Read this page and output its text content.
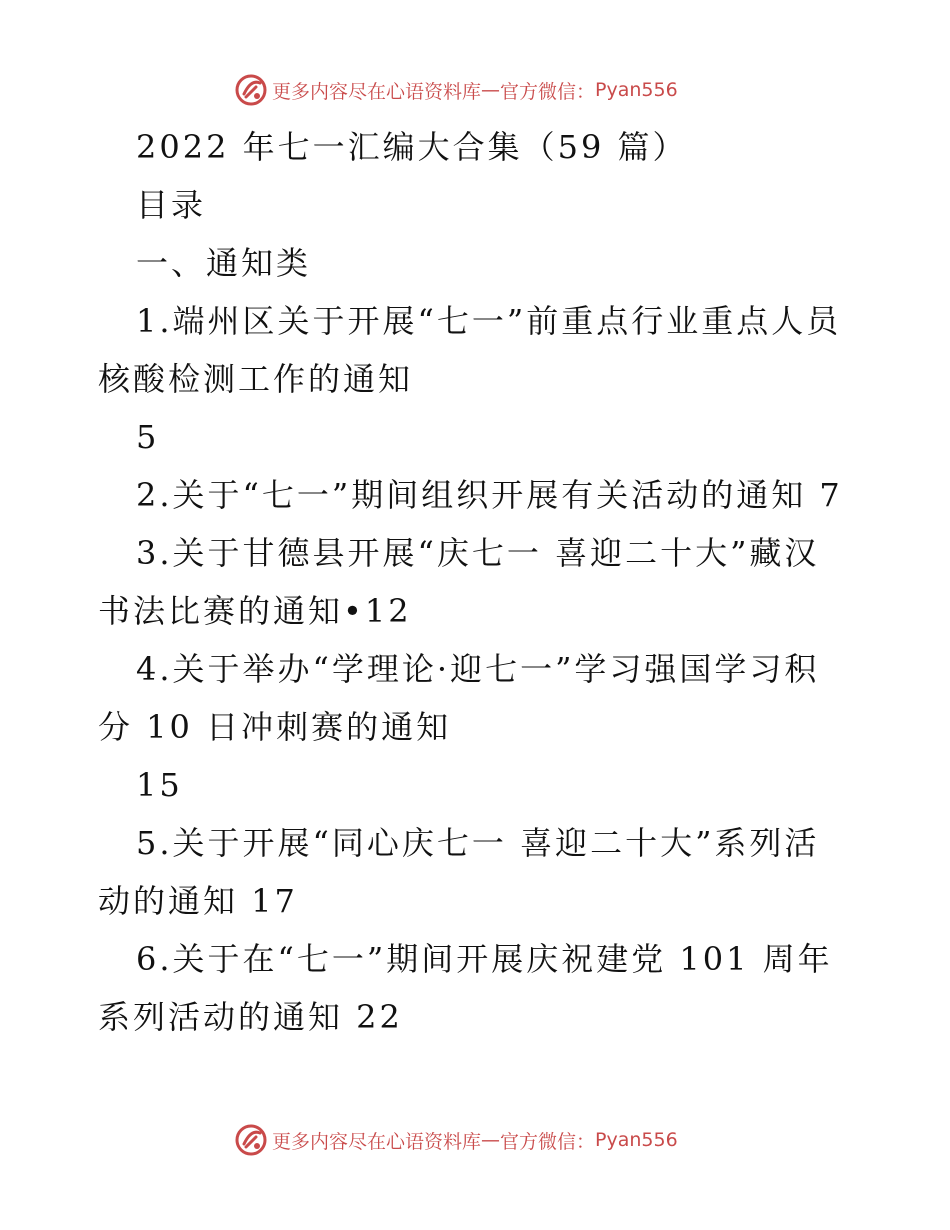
更多内容尽在心语资料库 — 官方微信： Pyan556
2022 年七一汇编大合集（59 篇）
目录
一、通知类
1.端州区关于开展“七一”前重点行业重点人员
核酸检测工作的通知
5
2.关于“七一”期间组织开展有关活动的通知 7
3.关于甘德县开展“庆七一 喜迎二十大”藏汉
书法比赛的通知•12
4.关于举办“学理论·迎七一”学习强国学习积
分 10 日冲刺赛的通知
15
5.关于开展“同心庆七一 喜迎二十大”系列活
动的通知 17
6.关于在“七一”期间开展庆祝建党 101 周年
系列活动的通知 22
更多内容尽在心语资料库 — 官方微信： Pyan556
